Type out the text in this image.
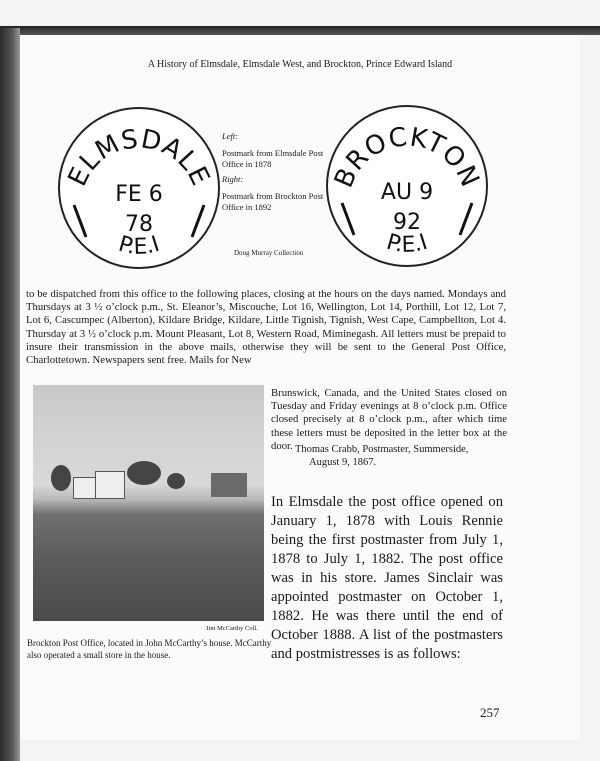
A History of Elmsdale, Elmsdale West, and Brockton, Prince Edward Island
ELMSDALE
FE 6
78
P.E.I
Left:
Postmark from Elmsdale Post Office in 1878
Right:
Postmark from Brockton Post Office in 1892
Doug Murray Collection
BROCKTON
AU 9
92
P.E.I
to be dispatched from this office to the following places, closing at the hours on the days named. Mondays and Thursdays at 3 ½ o’clock p.m., St. Eleanor’s, Miscouche, Lot 16, Wellington, Lot 14, Porthill, Lot 12, Lot 7, Lot 6, Cascumpec (Alberton), Kildare Bridge, Kildare, Little Tignish, Tignish, West Cape, Campbellton, Lot 4. Thursday at 3 ½ o’clock p.m. Mount Pleasant, Lot 8, Western Road, Miminegash. All letters must be prepaid to insure their transmission in the above mails, otherwise they will be sent to the General Post Office, Charlottetown. Newspapers sent free. Mails for New
Jim McCarthy Coll.
Brockton Post Office, located in John McCarthy’s house. McCarthy also operated a small store in the house.
Brunswick, Canada, and the United States closed on Tuesday and Friday evenings at 8 o’clock p.m. Office closed precisely at 8 o’clock p.m., after which time these letters must be deposited in the letter box at the door. Thomas Crabb, Postmaster, Summerside,
August 9, 1867.
In Elmsdale the post office opened on January 1, 1878 with Louis Rennie being the first postmaster from July 1, 1878 to July 1, 1882. The post office was in his store. James Sinclair was appointed postmaster on October 1, 1882. He was there until the end of October 1888. A list of the postmasters and postmistresses is as follows:
257
